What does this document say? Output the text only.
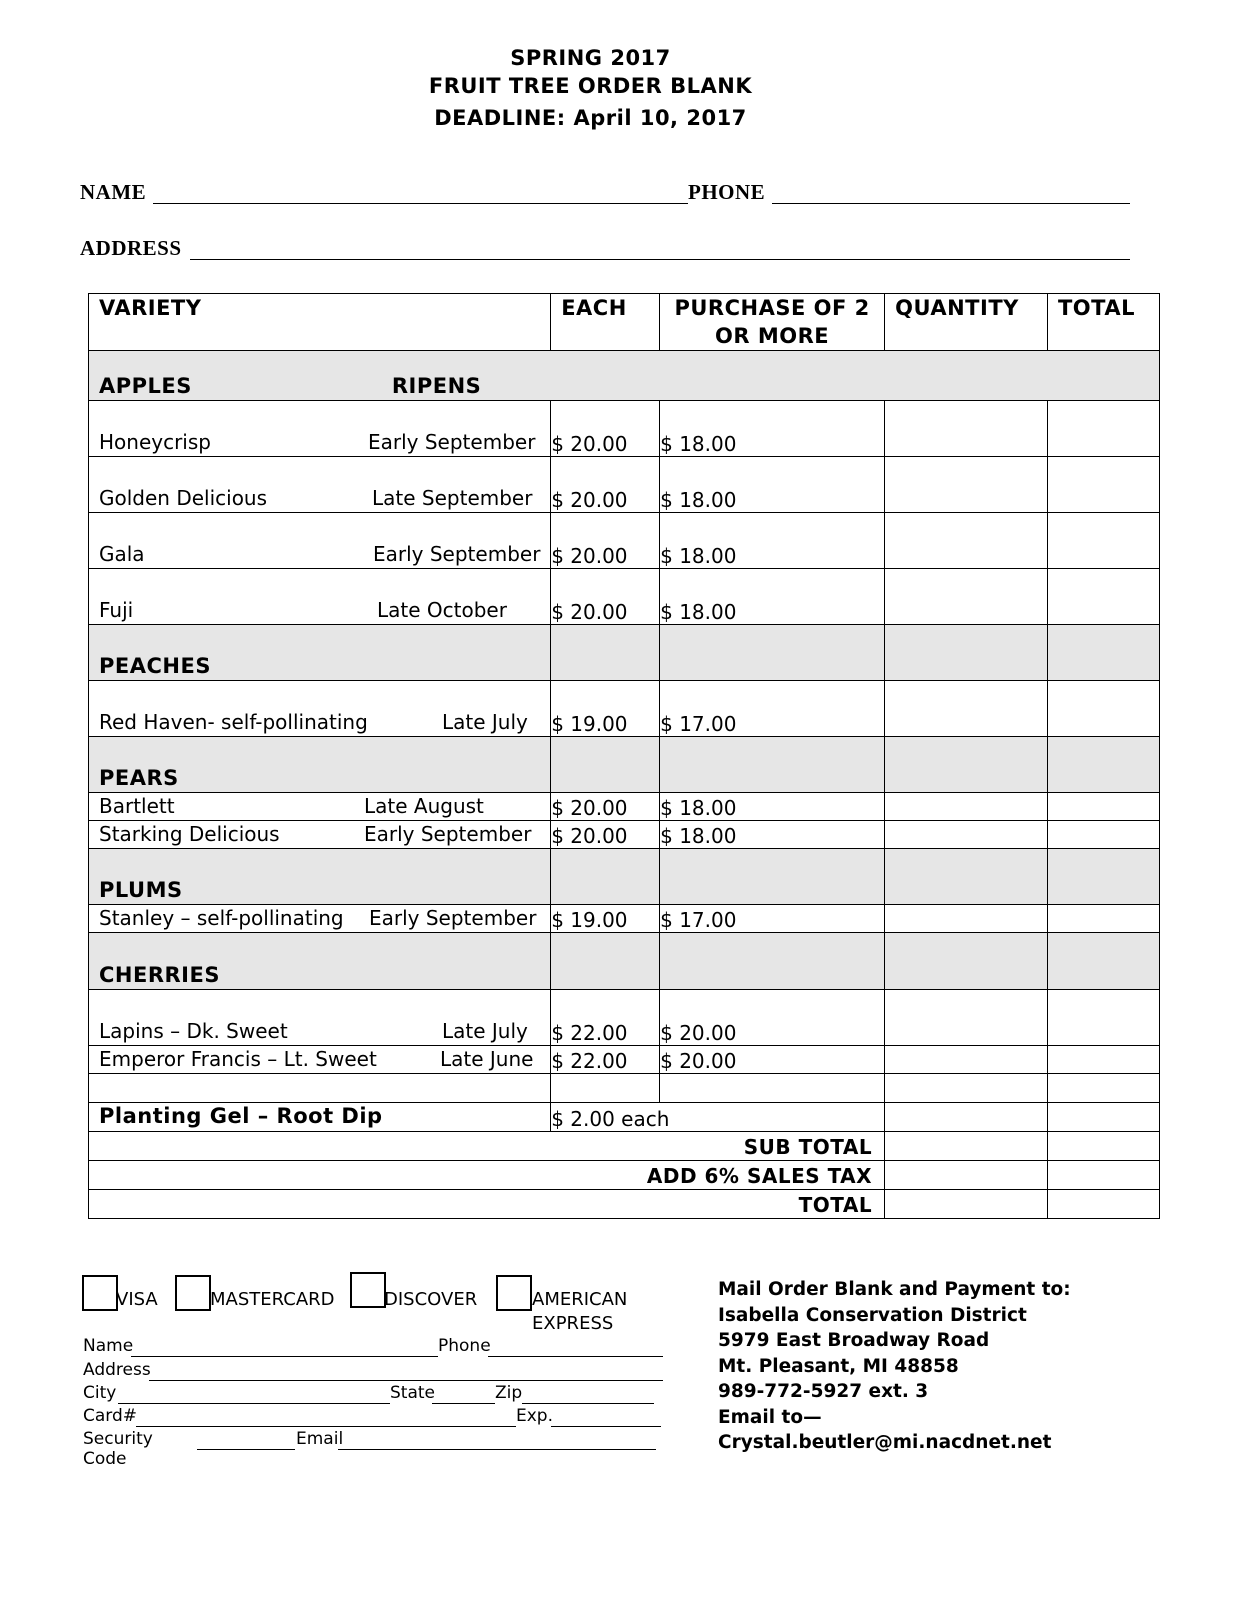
SPRING 2017
FRUIT TREE ORDER BLANK
DEADLINE: April 10, 2017
NAME	PHONE
ADDRESS
VARIETY	EACH	PURCHASE OF 2 OR MORE	QUANTITY	TOTAL
APPLES RIPENS				

Honeycrisp Early September	$ 20.00	$ 18.00		

Golden Delicious Late September	$ 20.00	$ 18.00		

Gala Early September	$ 20.00	$ 18.00		

Fuji Late October	$ 20.00	$ 18.00		
PEACHES				

Red Haven- self-pollinating Late July	$ 19.00	$ 17.00		
PEARS				

Bartlett Late August	$ 20.00	$ 18.00		

Starking Delicious Early September	$ 20.00	$ 18.00		
PLUMS				

Stanley – self-pollinating Early September	$ 19.00	$ 17.00		
CHERRIES				

Lapins – Dk. Sweet Late July	$ 22.00	$ 20.00		

Emperor Francis – Lt. Sweet Late June	$ 22.00	$ 20.00		

Planting Gel – Root Dip	$ 2.00 each			
SUB TOTAL				
ADD 6% SALES TAX				
TOTAL				
VISA	MASTERCARD	DISCOVER	AMERICAN
EXPRESS
Name	Phone
Address
City	State	Zip
Card#	Exp.
Security Code
Email
Mail Order Blank and Payment to:
Isabella Conservation District
5979 East Broadway Road
Mt. Pleasant, MI 48858
989-772-5927 ext. 3
Email to—
Crystal.beutler@mi.nacdnet.net
